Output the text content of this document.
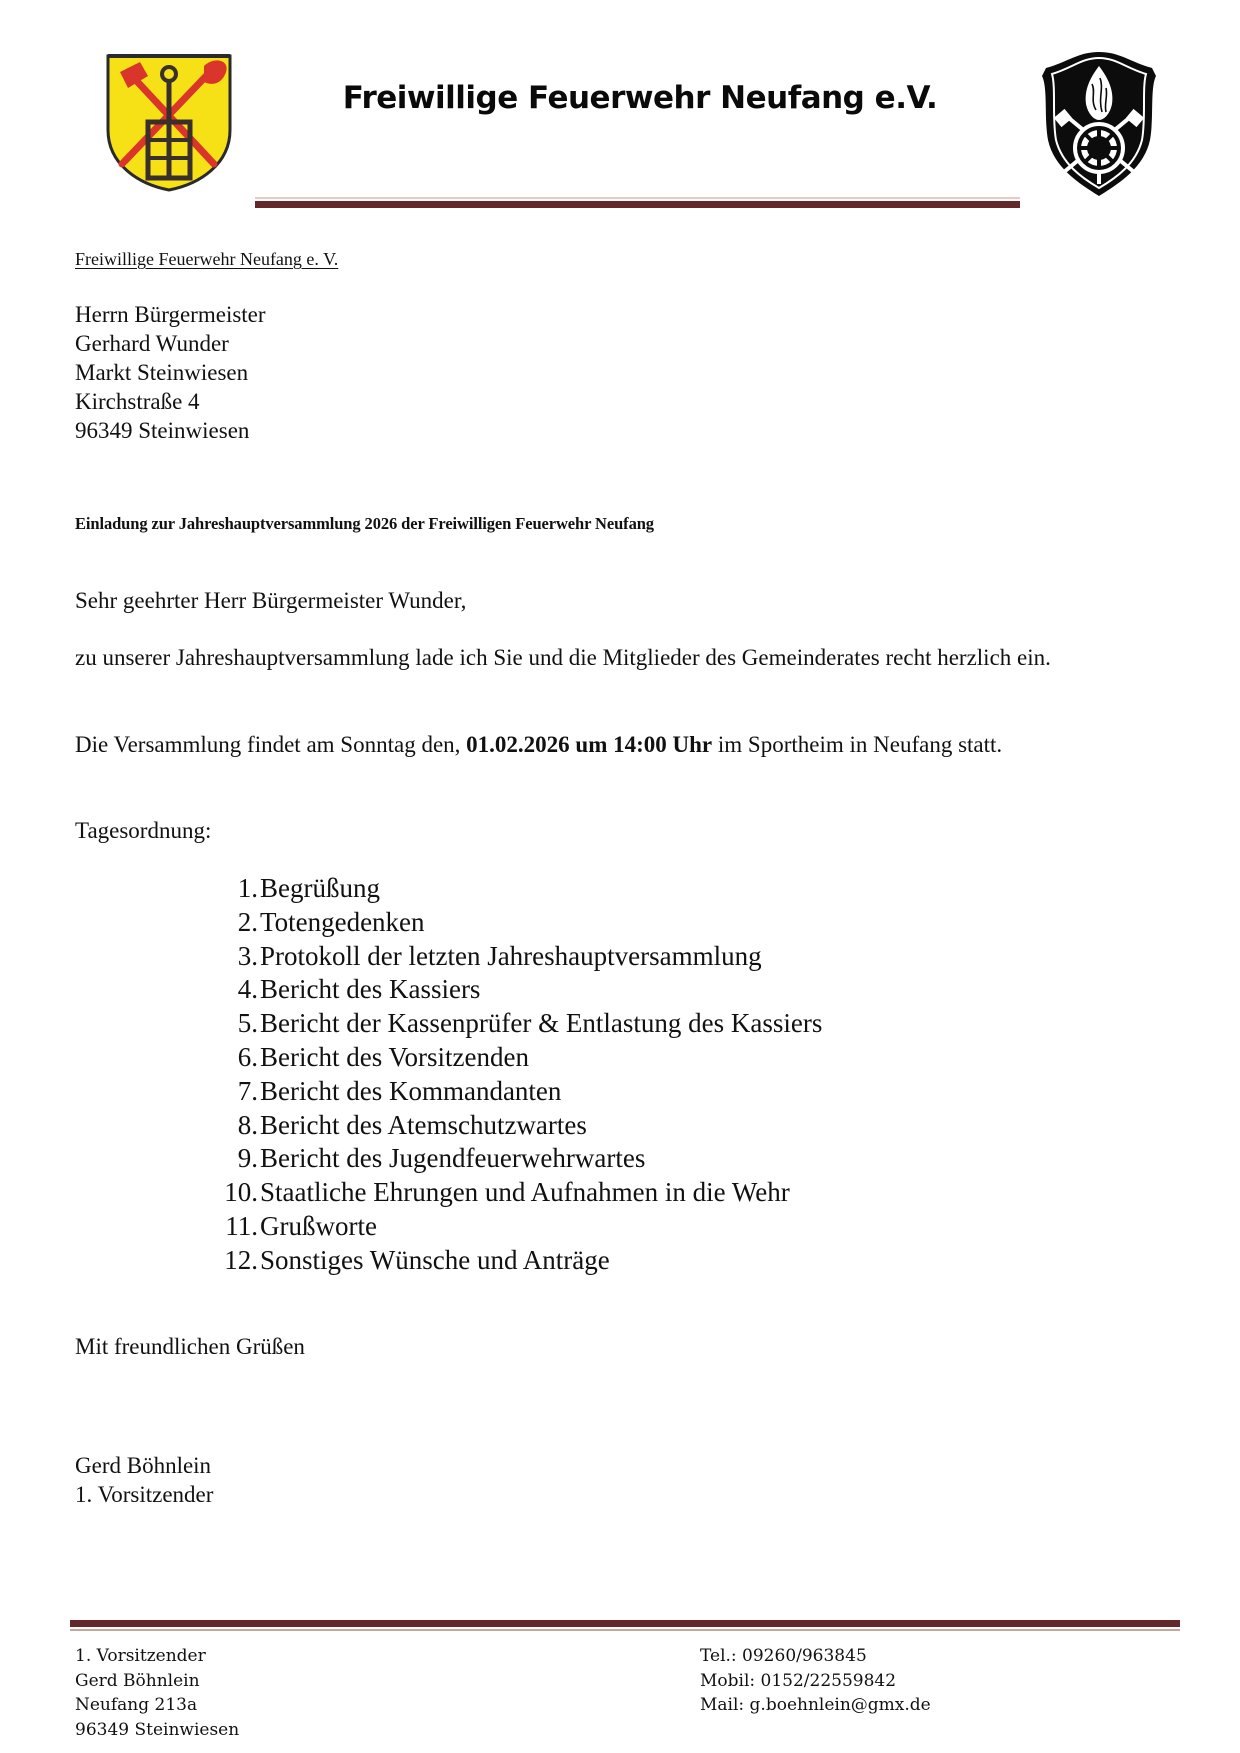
Freiwillige Feuerwehr Neufang e.V.
Freiwillige Feuerwehr Neufang e. V.
Herrn Bürgermeister
Gerhard Wunder
Markt Steinwiesen
Kirchstraße 4
96349 Steinwiesen
Einladung zur Jahreshauptversammlung 2026 der Freiwilligen Feuerwehr Neufang
Sehr geehrter Herr Bürgermeister Wunder,
zu unserer Jahreshauptversammlung lade ich Sie und die Mitglieder des Gemeinderates recht herzlich ein.
Die Versammlung findet am Sonntag den, 01.02.2026 um 14:00 Uhr im Sportheim in Neufang statt.
Tagesordnung:
1. Begrüßung
2. Totengedenken
3. Protokoll der letzten Jahreshauptversammlung
4. Bericht des Kassiers
5. Bericht der Kassenprüfer & Entlastung des Kassiers
6. Bericht des Vorsitzenden
7. Bericht des Kommandanten
8. Bericht des Atemschutzwartes
9. Bericht des Jugendfeuerwehrwartes
10. Staatliche Ehrungen und Aufnahmen in die Wehr
11. Grußworte
12. Sonstiges Wünsche und Anträge
Mit freundlichen Grüßen
Gerd Böhnlein
1. Vorsitzender
1. Vorsitzender
Gerd Böhnlein
Neufang 213a
96349 Steinwiesen
Tel.: 09260/963845
Mobil: 0152/22559842
Mail: g.boehnlein@gmx.de
